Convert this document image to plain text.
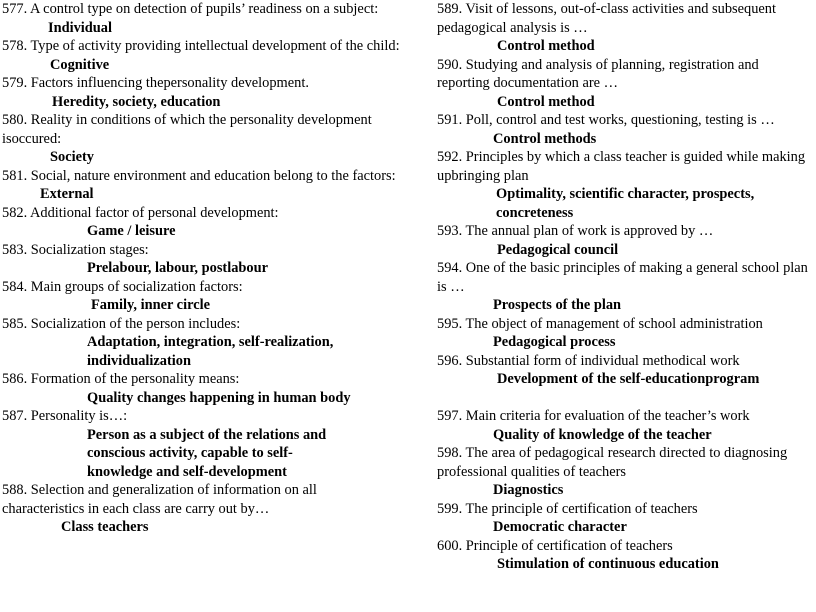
577. A control type on detection of pupils’ readiness on a subject:

Individual

578. Type of activity providing intellectual development of the child:

Cognitive

579. Factors influencing thepersonality development.

Heredity, society, education

580. Reality in conditions of which the personality development isoccured:

Society

581. Social, nature environment and education belong to the factors:

External

582. Additional factor of personal development:

Game / leisure

583. Socialization stages:

Prelabour, labour, postlabour

584. Main groups of socialization factors:

Family, inner circle

585. Socialization of the person includes:

Adaptation, integration, self-realization,

individualization

586. Formation of the personality means:

Quality changes happening in human body

587. Personality is…:

Person as a subject of the relations and

conscious activity, capable to self-

knowledge and self-development

588. Selection and generalization of information on all characteristics in each class are carry out by…

Class teachers

589. Visit of lessons, out-of-class activities and subsequent pedagogical analysis is …

Control method

590. Studying and analysis of planning, registration and reporting documentation are …

Control method

591. Poll, control and test works, questioning, testing is …

Control methods

592. Principles by which a class teacher is guided while making upbringing plan

Optimality, scientific character, prospects,

concreteness

593. The annual plan of work is approved by …

Pedagogical council

594. One of the basic principles of making a general school plan is …

Prospects of the plan

595. The object of management of school administration

Pedagogical process

596. Substantial form of individual methodical work

Development of the self-educationprogram

597. Main criteria for evaluation of the teacher’s work

Quality of knowledge of the teacher

598. The area of pedagogical research directed to diagnosing professional qualities of teachers

Diagnostics

599. The principle of certification of teachers

Democratic character

600. Principle of certification of teachers

Stimulation of continuous education
